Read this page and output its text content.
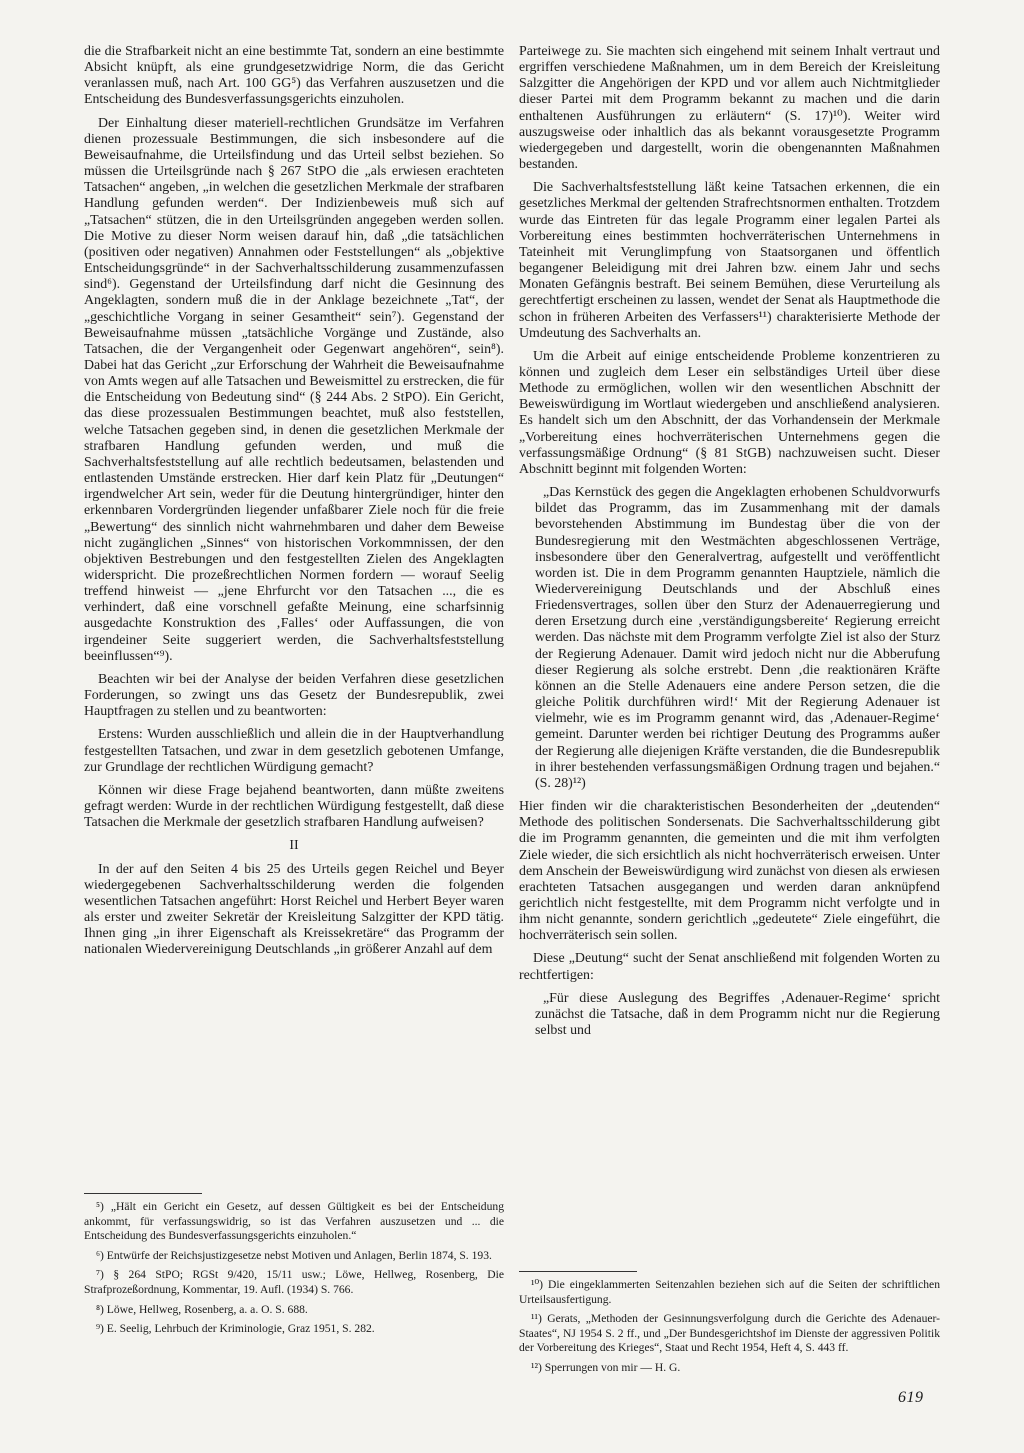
die die Strafbarkeit nicht an eine bestimmte Tat, sondern an eine bestimmte Absicht knüpft, als eine grundgesetzwidrige Norm, die das Gericht veranlassen muß, nach Art. 100 GG⁵) das Verfahren auszusetzen und die Entscheidung des Bundesverfassungsgerichts einzuholen.

Der Einhaltung dieser materiell-rechtlichen Grundsätze im Verfahren dienen prozessuale Bestimmungen, die sich insbesondere auf die Beweisaufnahme, die Urteilsfindung und das Urteil selbst beziehen. So müssen die Urteilsgründe nach § 267 StPO die „als erwiesen erachteten Tatsachen“ angeben, „in welchen die gesetzlichen Merkmale der strafbaren Handlung gefunden werden“. Der Indizienbeweis muß sich auf „Tatsachen“ stützen, die in den Urteilsgründen angegeben werden sollen. Die Motive zu dieser Norm weisen darauf hin, daß „die tatsächlichen (positiven oder negativen) Annahmen oder Feststellungen“ als „objektive Entscheidungsgründe“ in der Sachverhaltsschilderung zusammenzufassen sind⁶). Gegenstand der Urteilsfindung darf nicht die Gesinnung des Angeklagten, sondern muß die in der Anklage bezeichnete „Tat“, der „geschichtliche Vorgang in seiner Gesamtheit“ sein⁷). Gegenstand der Beweisaufnahme müssen „tatsächliche Vorgänge und Zustände, also Tatsachen, die der Vergangenheit oder Gegenwart angehören“, sein⁸). Dabei hat das Gericht „zur Erforschung der Wahrheit die Beweisaufnahme von Amts wegen auf alle Tatsachen und Beweismittel zu erstrecken, die für die Entscheidung von Bedeutung sind“ (§ 244 Abs. 2 StPO). Ein Gericht, das diese prozessualen Bestimmungen beachtet, muß also feststellen, welche Tatsachen gegeben sind, in denen die gesetzlichen Merkmale der strafbaren Handlung gefunden werden, und muß die Sachverhaltsfeststellung auf alle rechtlich bedeutsamen, belastenden und entlastenden Umstände erstrecken. Hier darf kein Platz für „Deutungen“ irgendwelcher Art sein, weder für die Deutung hintergründiger, hinter den erkennbaren Vordergründen liegender unfaßbarer Ziele noch für die freie „Bewertung“ des sinnlich nicht wahrnehmbaren und daher dem Beweise nicht zugänglichen „Sinnes“ von historischen Vorkommnissen, der den objektiven Bestrebungen und den festgestellten Zielen des Angeklagten widerspricht. Die prozeßrechtlichen Normen fordern — worauf Seelig treffend hinweist — „jene Ehrfurcht vor den Tatsachen ..., die es verhindert, daß eine vorschnell gefaßte Meinung, eine scharfsinnig ausgedachte Konstruktion des ‚Falles‘ oder Auffassungen, die von irgendeiner Seite suggeriert werden, die Sachverhaltsfeststellung beeinflussen“⁹).

Beachten wir bei der Analyse der beiden Verfahren diese gesetzlichen Forderungen, so zwingt uns das Gesetz der Bundesrepublik, zwei Hauptfragen zu stellen und zu beantworten:

Erstens: Wurden ausschließlich und allein die in der Hauptverhandlung festgestellten Tatsachen, und zwar in dem gesetzlich gebotenen Umfange, zur Grundlage der rechtlichen Würdigung gemacht?

Können wir diese Frage bejahend beantworten, dann müßte zweitens gefragt werden: Wurde in der rechtlichen Würdigung festgestellt, daß diese Tatsachen die Merkmale der gesetzlich strafbaren Handlung aufweisen?

II

In der auf den Seiten 4 bis 25 des Urteils gegen Reichel und Beyer wiedergegebenen Sachverhaltsschilderung werden die folgenden wesentlichen Tatsachen angeführt: Horst Reichel und Herbert Beyer waren als erster und zweiter Sekretär der Kreisleitung Salzgitter der KPD tätig. Ihnen ging „in ihrer Eigenschaft als Kreissekretäre“ das Programm der nationalen Wiedervereinigung Deutschlands „in größerer Anzahl auf dem

Parteiwege zu. Sie machten sich eingehend mit seinem Inhalt vertraut und ergriffen verschiedene Maßnahmen, um in dem Bereich der Kreisleitung Salzgitter die Angehörigen der KPD und vor allem auch Nichtmitglieder dieser Partei mit dem Programm bekannt zu machen und die darin enthaltenen Ausführungen zu erläutern“ (S. 17)¹⁰). Weiter wird auszugsweise oder inhaltlich das als bekannt vorausgesetzte Programm wiedergegeben und dargestellt, worin die obengenannten Maßnahmen bestanden.

Die Sachverhaltsfeststellung läßt keine Tatsachen erkennen, die ein gesetzliches Merkmal der geltenden Strafrechtsnormen enthalten. Trotzdem wurde das Eintreten für das legale Programm einer legalen Partei als Vorbereitung eines bestimmten hochverräterischen Unternehmens in Tateinheit mit Verunglimpfung von Staatsorganen und öffentlich begangener Beleidigung mit drei Jahren bzw. einem Jahr und sechs Monaten Gefängnis bestraft. Bei seinem Bemühen, diese Verurteilung als gerechtfertigt erscheinen zu lassen, wendet der Senat als Hauptmethode die schon in früheren Arbeiten des Verfassers¹¹) charakterisierte Methode der Umdeutung des Sachverhalts an.

Um die Arbeit auf einige entscheidende Probleme konzentrieren zu können und zugleich dem Leser ein selbständiges Urteil über diese Methode zu ermöglichen, wollen wir den wesentlichen Abschnitt der Beweiswürdigung im Wortlaut wiedergeben und anschließend analysieren. Es handelt sich um den Abschnitt, der das Vorhandensein der Merkmale „Vorbereitung eines hochverräterischen Unternehmens gegen die verfassungsmäßige Ordnung“ (§ 81 StGB) nachzuweisen sucht. Dieser Abschnitt beginnt mit folgenden Worten:

„Das Kernstück des gegen die Angeklagten erhobenen Schuldvorwurfs bildet das Programm, das im Zusammenhang mit der damals bevorstehenden Abstimmung im Bundestag über die von der Bundesregierung mit den Westmächten abgeschlossenen Verträge, insbesondere über den Generalvertrag, aufgestellt und veröffentlicht worden ist. Die in dem Programm genannten Hauptziele, nämlich die Wiedervereinigung Deutschlands und der Abschluß eines Friedensvertrages, sollen über den Sturz der Adenauerregierung und deren Ersetzung durch eine ‚verständigungsbereite‘ Regierung erreicht werden. Das nächste mit dem Programm verfolgte Ziel ist also der Sturz der Regierung Adenauer. Damit wird jedoch nicht nur die Abberufung dieser Regierung als solche erstrebt. Denn ‚die reaktionären Kräfte können an die Stelle Adenauers eine andere Person setzen, die die gleiche Politik durchführen wird!‘ Mit der Regierung Adenauer ist vielmehr, wie es im Programm genannt wird, das ‚Adenauer-Regime‘ gemeint. Darunter werden bei richtiger Deutung des Programms außer der Regierung alle diejenigen Kräfte verstanden, die die Bundesrepublik in ihrer bestehenden verfassungsmäßigen Ordnung tragen und bejahen.“ (S. 28)¹²)

Hier finden wir die charakteristischen Besonderheiten der „deutenden“ Methode des politischen Sondersenats. Die Sachverhaltsschilderung gibt die im Programm genannten, die gemeinten und die mit ihm verfolgten Ziele wieder, die sich ersichtlich als nicht hochverräterisch erweisen. Unter dem Anschein der Beweiswürdigung wird zunächst von diesen als erwiesen erachteten Tatsachen ausgegangen und werden daran anknüpfend gerichtlich nicht festgestellte, mit dem Programm nicht verfolgte und in ihm nicht genannte, sondern gerichtlich „gedeutete“ Ziele eingeführt, die hochverräterisch sein sollen.

Diese „Deutung“ sucht der Senat anschließend mit folgenden Worten zu rechtfertigen:

„Für diese Auslegung des Begriffes ‚Adenauer-Regime‘ spricht zunächst die Tatsache, daß in dem Programm nicht nur die Regierung selbst und

⁵) „Hält ein Gericht ein Gesetz, auf dessen Gültigkeit es bei der Entscheidung ankommt, für verfassungswidrig, so ist das Verfahren auszusetzen und ... die Entscheidung des Bundesverfassungsgerichts einzuholen.“

⁶) Entwürfe der Reichsjustizgesetze nebst Motiven und Anlagen, Berlin 1874, S. 193.

⁷) § 264 StPO; RGSt 9/420, 15/11 usw.; Löwe, Hellweg, Rosenberg, Die Strafprozeßordnung, Kommentar, 19. Aufl. (1934) S. 766.

⁸) Löwe, Hellweg, Rosenberg, a. a. O. S. 688.

⁹) E. Seelig, Lehrbuch der Kriminologie, Graz 1951, S. 282.

¹⁰) Die eingeklammerten Seitenzahlen beziehen sich auf die Seiten der schriftlichen Urteilsausfertigung.

¹¹) Gerats, „Methoden der Gesinnungsverfolgung durch die Gerichte des Adenauer-Staates“, NJ 1954 S. 2 ff., und „Der Bundesgerichtshof im Dienste der aggressiven Politik der Vorbereitung des Krieges“, Staat und Recht 1954, Heft 4, S. 443 ff.

¹²) Sperrungen von mir — H. G.

619
